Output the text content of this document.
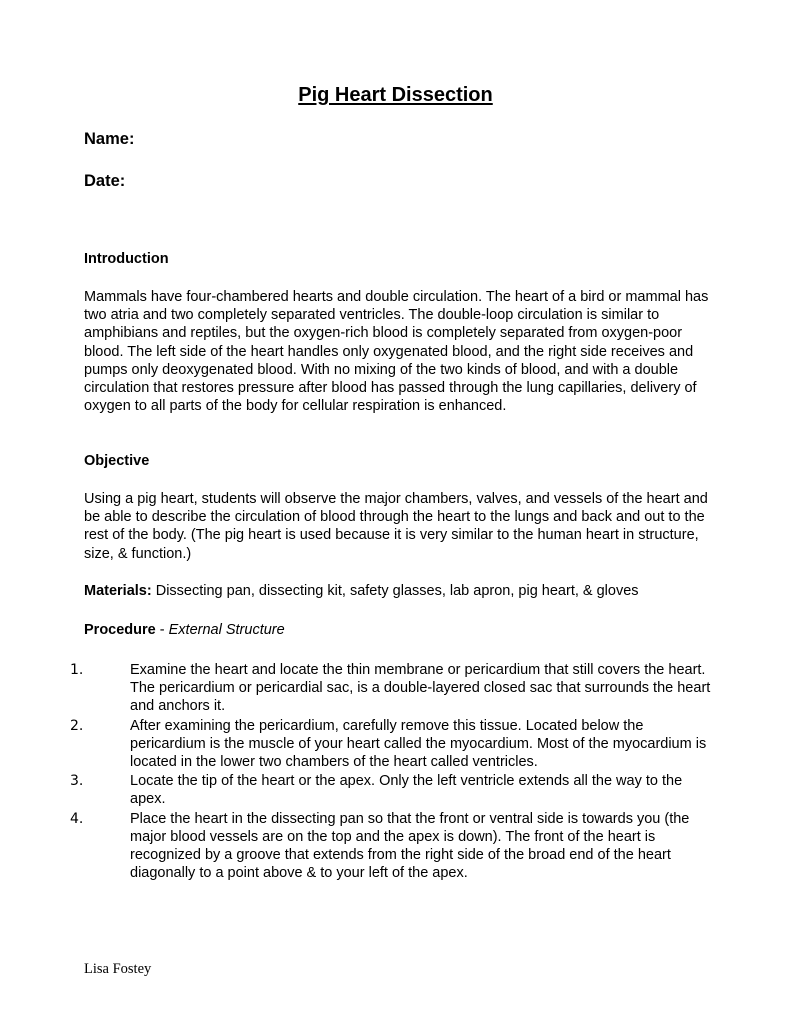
Pig Heart Dissection
Name:
Date:
Introduction
Mammals have four-chambered hearts and double circulation. The heart of a bird or mammal has two atria and two completely separated ventricles. The double-loop circulation is similar to amphibians and reptiles, but the oxygen-rich blood is completely separated from oxygen-poor blood. The left side of the heart handles only oxygenated blood, and the right side receives and pumps only deoxygenated blood. With no mixing of the two kinds of blood, and with a double circulation that restores pressure after blood has passed through the lung capillaries, delivery of oxygen to all parts of the body for cellular respiration is enhanced.
Objective
Using a pig heart, students will observe the major chambers, valves, and vessels of the heart and be able to describe the circulation of blood through the heart to the lungs and back and out to the rest of the body. (The pig heart is used because it is very similar to the human heart in structure, size, & function.)
Materials: Dissecting pan, dissecting kit, safety glasses, lab apron, pig heart, & gloves
Procedure - External Structure
1.	Examine the heart and locate the thin membrane or pericardium that still covers the heart. The pericardium or pericardial sac, is a double-layered closed sac that surrounds the heart and anchors it.
2.	After examining the pericardium, carefully remove this tissue. Located below the pericardium is the muscle of your heart called the myocardium. Most of the myocardium is located in the lower two chambers of the heart called ventricles.
3.	Locate the tip of the heart or the apex. Only the left ventricle extends all the way to the apex.
4.	Place the heart in the dissecting pan so that the front or ventral side is towards you (the major blood vessels are on the top and the apex is down). The front of the heart is recognized by a groove that extends from the right side of the broad end of the heart diagonally to a point above & to your left of the apex.
Lisa Fostey
